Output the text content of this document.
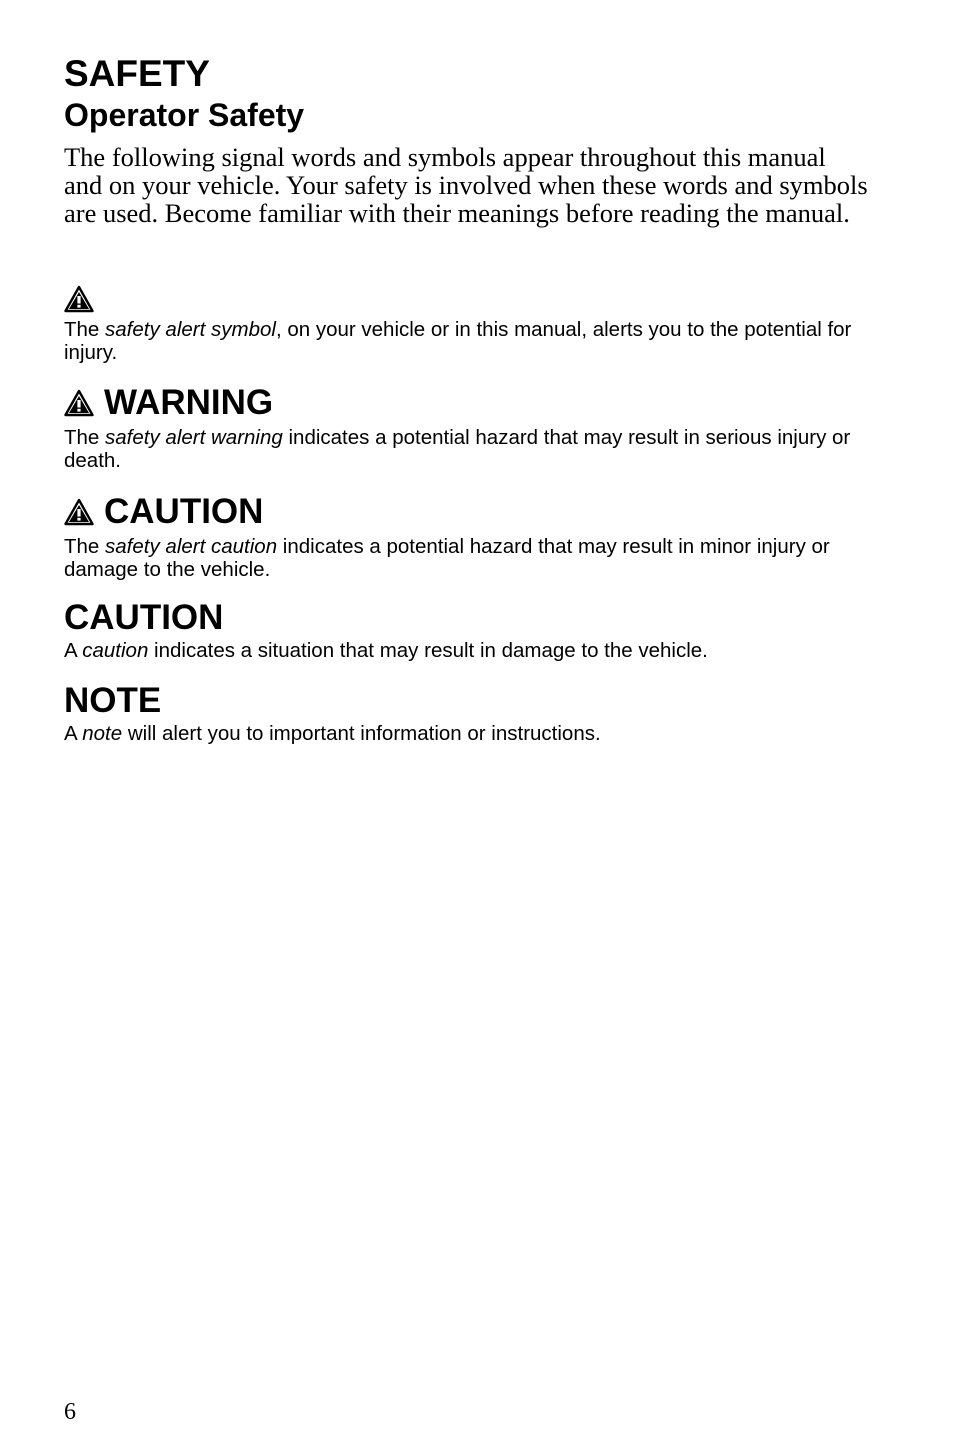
SAFETY
Operator Safety

The following signal words and symbols appear throughout this manual and on your vehicle. Your safety is involved when these words and symbols are used. Become familiar with their meanings before reading the manual.

The safety alert symbol, on your vehicle or in this manual, alerts you to the potential for injury.

WARNING

The safety alert warning indicates a potential hazard that may result in serious injury or death.

CAUTION

The safety alert caution indicates a potential hazard that may result in minor injury or damage to the vehicle.

CAUTION

A caution indicates a situation that may result in damage to the vehicle.

NOTE

A note will alert you to important information or instructions.

6
